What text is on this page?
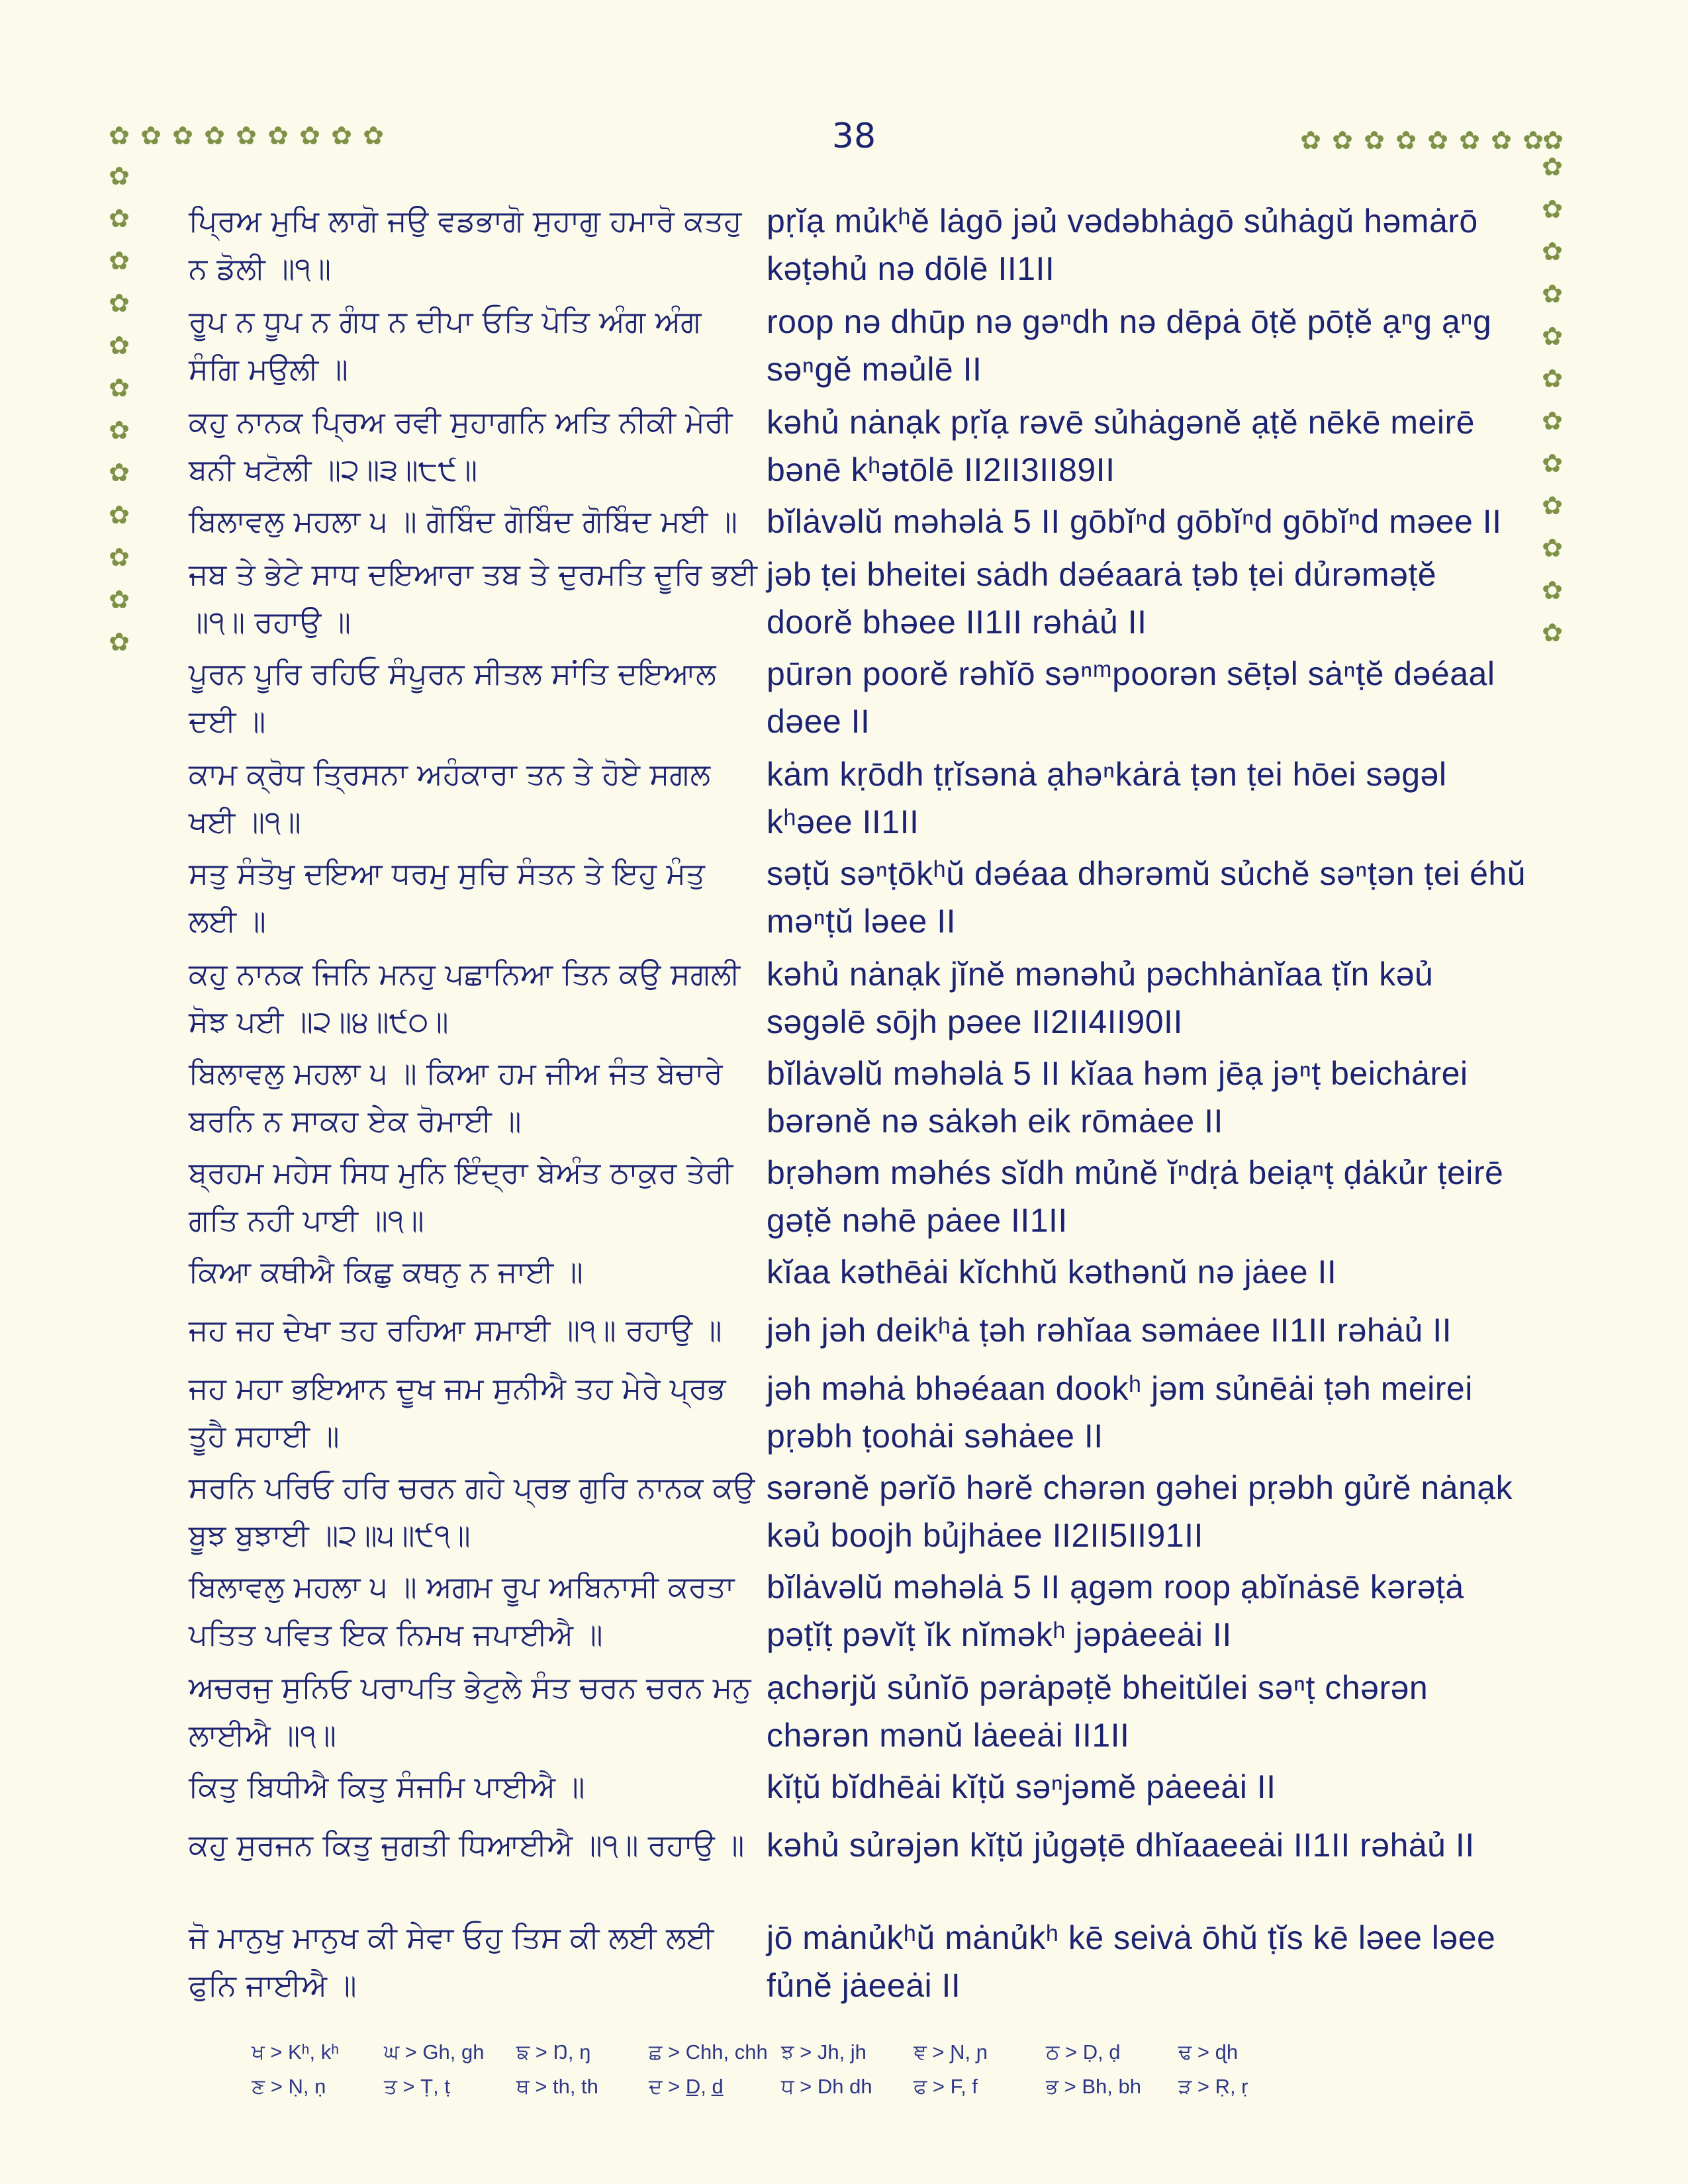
38
✿ ✿ ✿ ✿ ✿ ✿ ✿ ✿ ✿	✿ ✿ ✿ ✿ ✿ ✿ ✿ ✿
✿
✿
✿
✿
✿
✿
✿
✿
✿
✿
✿
✿
✿
✿
✿
✿
✿
✿
✿
✿
✿
✿
✿
✿
✿
ਪ੍ਰਿਅ ਮੁਖਿ ਲਾਗੋ ਜਉ ਵਡਭਾਗੋ ਸੁਹਾਗੁ ਹਮਾਰੋ ਕਤਹੁ ਨ ਡੋਲੀ ॥੧॥
pṛĭạ mủkʰĕ lȧgō jəủ vədəbhȧgō sủhȧgŭ həmȧrō kəṭəhủ nə dōlē II1II
ਰੂਪ ਨ ਧੂਪ ਨ ਗੰਧ ਨ ਦੀਪਾ ਓਤਿ ਪੋਤਿ ਅੰਗ ਅੰਗ ਸੰਗਿ ਮਉਲੀ ॥
roop nə dhūp nə gəⁿdh nə dēpȧ ōṭĕ pōṭĕ ạⁿg ạⁿg səⁿgĕ məủlē II
ਕਹੁ ਨਾਨਕ ਪ੍ਰਿਅ ਰਵੀ ਸੁਹਾਗਨਿ ਅਤਿ ਨੀਕੀ ਮੇਰੀ ਬਨੀ ਖਟੋਲੀ ॥੨॥੩॥੮੯॥
kəhủ nȧnạk pṛĭạ rəvē sủhȧgənĕ ạṭĕ nēkē meirē bənē kʰətōlē II2II3II89II
ਬਿਲਾਵਲੁ ਮਹਲਾ ੫ ॥ ਗੋਬਿੰਦ ਗੋਬਿੰਦ ਗੋਬਿੰਦ ਮਈ ॥ bĭlȧvəlŭ məhəlȧ 5 II gōbĭⁿd gōbĭⁿd gōbĭⁿd məee II
ਜਬ ਤੇ ਭੇਟੇ ਸਾਧ ਦਇਆਰਾ ਤਬ ਤੇ ਦੁਰਮਤਿ ਦੂਰਿ ਭਈ ॥੧॥ ਰਹਾਉ ॥
jəb ṭei bheitei sȧdh dəéaarȧ ṭəb ṭei dủrəməṭĕ doorĕ bhəee II1II rəhȧủ II
ਪੂਰਨ ਪੂਰਿ ਰਹਿਓ ਸੰਪੂਰਨ ਸੀਤਲ ਸਾਂਤਿ ਦਇਆਲ ਦਈ ॥
pūrən poorĕ rəhĭō səⁿᵐpoorən sēṭəl sȧⁿṭĕ dəéaal dəee II
ਕਾਮ ਕ੍ਰੋਧ ਤ੍ਰਿਸਨਾ ਅਹੰਕਾਰਾ ਤਨ ਤੇ ਹੋਏ ਸਗਲ ਖਈ ॥੧॥
kȧm kṛōdh ṭṛĭsənȧ ạhəⁿkȧrȧ ṭən ṭei hōei səgəl kʰəee II1II
ਸਤੁ ਸੰਤੋਖੁ ਦਇਆ ਧਰਮੁ ਸੁਚਿ ਸੰਤਨ ਤੇ ਇਹੁ ਮੰਤੁ ਲਈ ॥
səṭŭ səⁿṭōkʰŭ dəéaa dhərəmŭ sủchĕ səⁿṭən ṭei éhŭ məⁿṭŭ ləee II
ਕਹੁ ਨਾਨਕ ਜਿਨਿ ਮਨਹੁ ਪਛਾਨਿਆ ਤਿਨ ਕਉ ਸਗਲੀ ਸੋਝ ਪਈ ॥੨॥੪॥੯੦॥
kəhủ nȧnạk jĭnĕ mənəhủ pəchhȧnĭaa ṭĭn kəủ səgəlē sōjh pəee II2II4II90II
ਬਿਲਾਵਲੁ ਮਹਲਾ ੫ ॥ ਕਿਆ ਹਮ ਜੀਅ ਜੰਤ ਬੇਚਾਰੇ ਬਰਨਿ ਨ ਸਾਕਹ ਏਕ ਰੋਮਾਈ ॥
bĭlȧvəlŭ məhəlȧ 5 II kĭaa həm jēạ jəⁿṭ beichȧrei bərənĕ nə sȧkəh eik rōmȧee II
ਬ੍ਰਹਮ ਮਹੇਸ ਸਿਧ ਮੁਨਿ ਇੰਦ੍ਰਾ ਬੇਅੰਤ ਠਾਕੁਰ ਤੇਰੀ ਗਤਿ ਨਹੀ ਪਾਈ ॥੧॥
bṛəhəm məhés sĭdh mủnĕ ĭⁿdṛȧ beiạⁿṭ ḍȧkủr ṭeirē gəṭĕ nəhē pȧee II1II
ਕਿਆ ਕਥੀਐ ਕਿਛੁ ਕਥਨੁ ਨ ਜਾਈ ॥	kĭaa kəthēȧi kĭchhŭ kəthənŭ nə jȧee II
ਜਹ ਜਹ ਦੇਖਾ ਤਹ ਰਹਿਆ ਸਮਾਈ ॥੧॥ ਰਹਾਉ ॥	jəh jəh deikʰȧ ṭəh rəhĭaa səmȧee II1II rəhȧủ II
ਜਹ ਮਹਾ ਭਇਆਨ ਦੂਖ ਜਮ ਸੁਨੀਐ ਤਹ ਮੇਰੇ ਪ੍ਰਭ ਤੂਹੈ ਸਹਾਈ ॥
jəh məhȧ bhəéaan dookʰ jəm sủnēȧi ṭəh meirei pṛəbh ṭoohȧi səhȧee II
ਸਰਨਿ ਪਰਿਓ ਹਰਿ ਚਰਨ ਗਹੇ ਪ੍ਰਭ ਗੁਰਿ ਨਾਨਕ ਕਉ ਬੂਝ ਬੁਝਾਈ ॥੨॥੫॥੯੧॥
sərənĕ pərĭō hərĕ chərən gəhei pṛəbh gủrĕ nȧnạk kəủ boojh bủjhȧee II2II5II91II
ਬਿਲਾਵਲੁ ਮਹਲਾ ੫ ॥ ਅਗਮ ਰੂਪ ਅਬਿਨਾਸੀ ਕਰਤਾ ਪਤਿਤ ਪਵਿਤ ਇਕ ਨਿਮਖ ਜਪਾਈਐ ॥
bĭlȧvəlŭ məhəlȧ 5 II ạgəm roop ạbĭnȧsē kərəṭȧ pəṭĭṭ pəvĭṭ ĭk nĭməkʰ jəpȧeeȧi II
ਅਚਰਜੁ ਸੁਨਿਓ ਪਰਾਪਤਿ ਭੇਟੁਲੇ ਸੰਤ ਚਰਨ ਚਰਨ ਮਨੁ ਲਾਈਐ ॥੧॥
ạchərjŭ sủnĭō pərȧpəṭĕ bheitŭlei səⁿṭ chərən chərən mənŭ lȧeeȧi II1II
ਕਿਤੁ ਬਿਧੀਐ ਕਿਤੁ ਸੰਜਮਿ ਪਾਈਐ ॥	kĭṭŭ bĭdhēȧi kĭṭŭ səⁿjəmĕ pȧeeȧi II
ਕਹੁ ਸੁਰਜਨ ਕਿਤੁ ਜੁਗਤੀ ਧਿਆਈਐ ॥੧॥ ਰਹਾਉ ॥ kəhủ sủrəjən kĭṭŭ jủgəṭē dhĭaaeeȧi II1II rəhȧủ II
ਜੋ ਮਾਨੁਖੁ ਮਾਨੁਖ ਕੀ ਸੇਵਾ ਓਹੁ ਤਿਸ ਕੀ ਲਈ ਲਈ ਫੁਨਿ ਜਾਈਐ ॥
jō mȧnủkʰŭ mȧnủkʰ kē seivȧ ōhŭ ṭĭs kē ləee ləee fủnĕ jȧeeȧi II
ਖ > Kʰ, kʰ	ਘ > Gh, gh	ਙ > Ŋ, ŋ	ਛ > Chh, chh ਝ > Jh, jh	ਞ > Ɲ, ɲ	ਠ > Ḍ, ḍ	ਢ > ɖh
ਣ > Ṇ, ṇ	ਤ > Ṭ, ṭ	ਥ > th, th	ਦ > D̲, d̲	ਧ > Dh dh	ਫ > F, f	ਭ > Bh, bh	ੜ > Ṛ, ṛ
